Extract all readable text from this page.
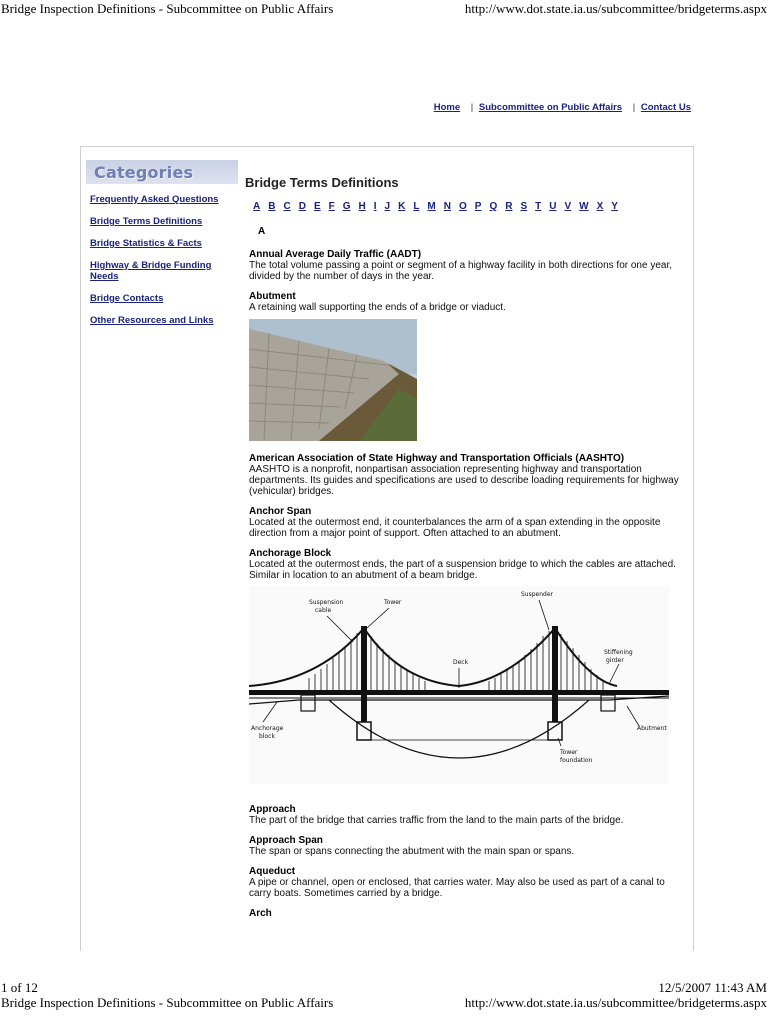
Bridge Inspection Definitions - Subcommittee on Public Affairs	http://www.dot.state.ia.us/subcommittee/bridgeterms.aspx
Home | Subcommittee on Public Affairs | Contact Us
Categories
Frequently Asked Questions
Bridge Terms Definitions
Bridge Statistics & Facts
Highway & Bridge Funding Needs
Bridge Contacts
Other Resources and Links
Bridge Terms Definitions
A B C D E F G H I J K L M N O P Q R S T U V W X Y
A
Annual Average Daily Traffic (AADT)
The total volume passing a point or segment of a highway facility in both directions for one year, divided by the number of days in the year.
Abutment
A retaining wall supporting the ends of a bridge or viaduct.
American Association of State Highway and Transportation Officials (AASHTO)
AASHTO is a nonprofit, nonpartisan association representing highway and transportation departments. Its guides and specifications are used to describe loading requirements for highway (vehicular) bridges.
Anchor Span
Located at the outermost end, it counterbalances the arm of a span extending in the opposite direction from a major point of support. Often attached to an abutment.
Anchorage Block
Located at the outermost ends, the part of a suspension bridge to which the cables are attached. Similar in location to an abutment of a beam bridge.
Suspension
cable
Tower
Suspender
Deck
Stiffening
girder
Anchorage
block
Abutment
Tower
foundation
Approach
The part of the bridge that carries traffic from the land to the main parts of the bridge.
Approach Span
The span or spans connecting the abutment with the main span or spans.
Aqueduct
A pipe or channel, open or enclosed, that carries water. May also be used as part of a canal to carry boats. Sometimes carried by a bridge.
Arch
1 of 12	12/5/2007 11:43 AM
Bridge Inspection Definitions - Subcommittee on Public Affairs	http://www.dot.state.ia.us/subcommittee/bridgeterms.aspx
